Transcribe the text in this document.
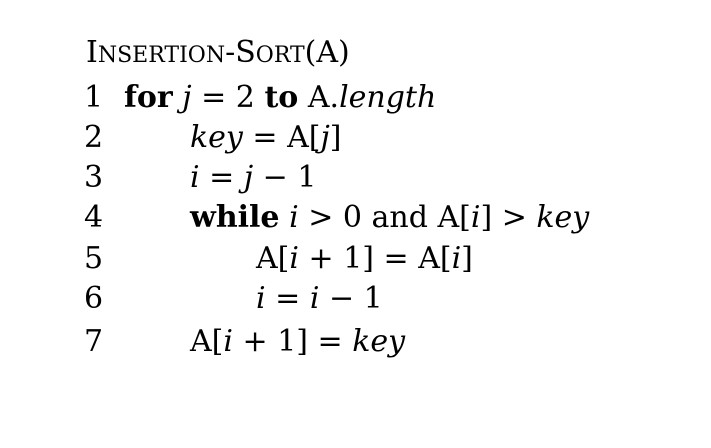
INSERTION-SORT(A)
1 for j = 2 to A.length
2	key = A[j]
3	i = j − 1
4	while i > 0 and A[i] > key
5	A[i + 1] = A[i]
6	i = i − 1
7	A[i + 1] = key
